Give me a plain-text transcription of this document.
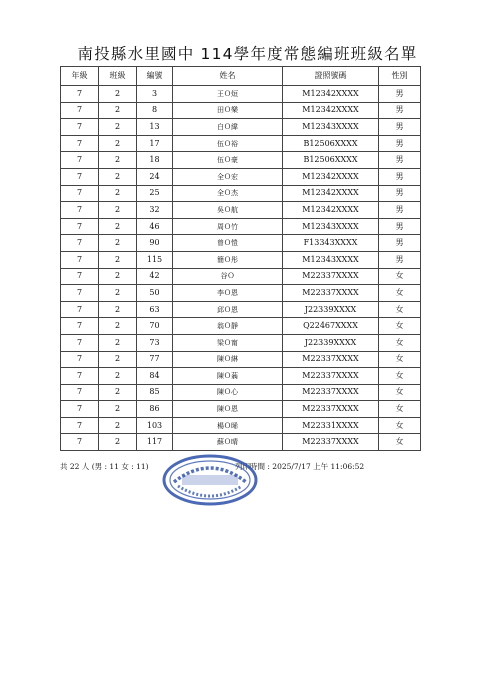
南投縣水里國中 114學年度常態編班班級名單
年級	班級	編號	姓名	證照號碼	性別
7	2	3	王Ｏ烜	M12342XXXX	男
7	2	8	田Ｏ樂	M12342XXXX	男
7	2	13	白Ｏ緯	M12343XXXX	男
7	2	17	伍Ｏ裕	B12506XXXX	男
7	2	18	伍Ｏ豪	B12506XXXX	男
7	2	24	全Ｏ宏	M12342XXXX	男
7	2	25	全Ｏ杰	M12342XXXX	男
7	2	32	吳Ｏ航	M12342XXXX	男
7	2	46	周Ｏ竹	M12343XXXX	男
7	2	90	曾Ｏ愷	F13343XXXX	男
7	2	115	簡Ｏ彤	M12343XXXX	男
7	2	42	谷Ｏ	M22337XXXX	女
7	2	50	李Ｏ恩	M22337XXXX	女
7	2	63	邱Ｏ恩	J22339XXXX	女
7	2	70	翁Ｏ靜	Q22467XXXX	女
7	2	73	梁Ｏ甯	J22339XXXX	女
7	2	77	陳Ｏ綝	M22337XXXX	女
7	2	84	陳Ｏ蓊	M22337XXXX	女
7	2	85	陳Ｏ心	M22337XXXX	女
7	2	86	陳Ｏ恩	M22337XXXX	女
7	2	103	楊Ｏ晞	M22331XXXX	女
7	2	117	蘇Ｏ晴	M22337XXXX	女
共 22 人 (男 : 11 女 : 11)	列印時間 : 2025/7/17 上午 11:06:52
